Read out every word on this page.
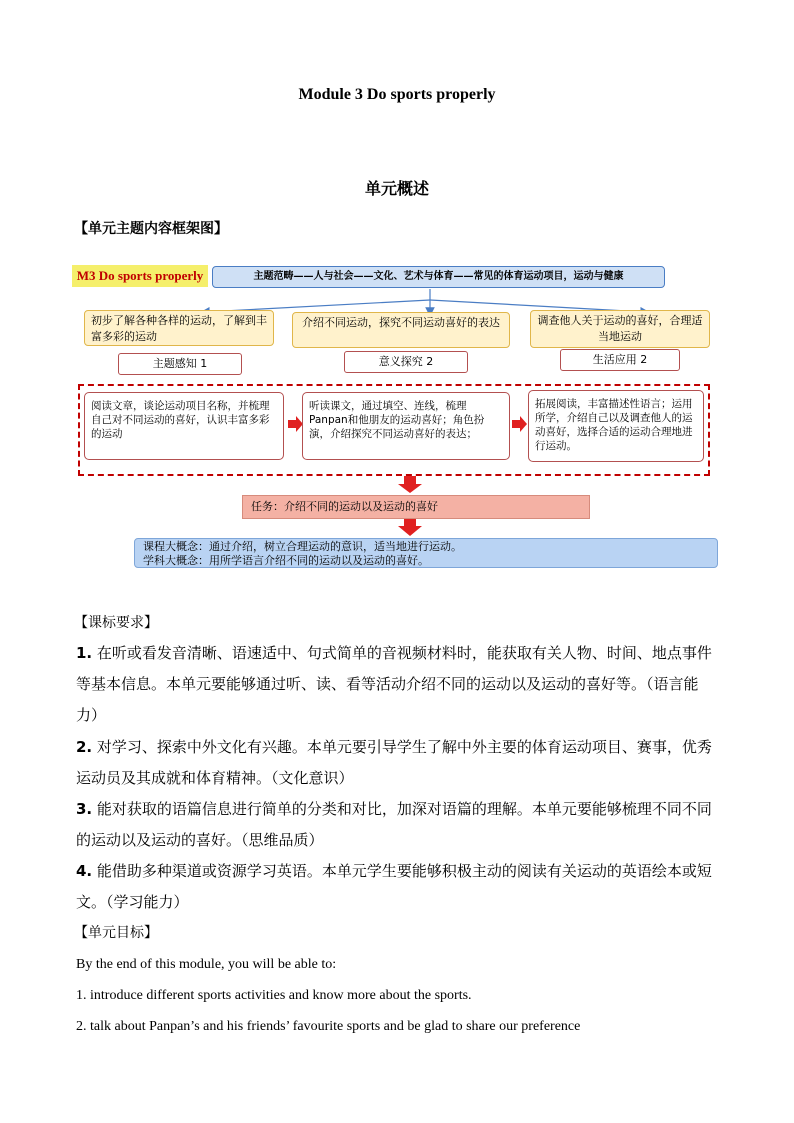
Module 3 Do sports properly
单元概述
【单元主题内容框架图】
M3 Do sports properly	主题范畴——人与社会——文化、艺术与体育——常见的体育运动项目，运动与健康
初步了解各种各样的运动，了解到丰富多彩的运动
介绍不同运动，探究不同运动喜好的表达	调查他人关于运动的喜好，合理适当地运动
主题感知 1	意义探究 2	生活应用 2
阅读文章，谈论运动项目名称，并梳理自己对不同运动的喜好，认识丰富多彩的运动
听读课文，通过填空、连线，梳理Panpan和他朋友的运动喜好；角色扮演，介绍探究不同运动喜好的表达；
拓展阅读，丰富描述性语言；运用所学，介绍自己以及调查他人的运动喜好，选择合适的运动合理地进行运动。
任务：介绍不同的运动以及运动的喜好
课程大概念：通过介绍，树立合理运动的意识，适当地进行运动。
学科大概念：用所学语言介绍不同的运动以及运动的喜好。
【课标要求】
1. 在听或看发音清晰、语速适中、句式简单的音视频材料时，能获取有关人物、时间、地点事件等基本信息。本单元要能够通过听、读、看等活动介绍不同的运动以及运动的喜好等。（语言能力）
2. 对学习、探索中外文化有兴趣。本单元要引导学生了解中外主要的体育运动项目、赛事，优秀运动员及其成就和体育精神。（文化意识）
3. 能对获取的语篇信息进行简单的分类和对比，加深对语篇的理解。本单元要能够梳理不同不同的运动以及运动的喜好。（思维品质）
4. 能借助多种渠道或资源学习英语。本单元学生要能够积极主动的阅读有关运动的英语绘本或短文。（学习能力）
【单元目标】
By the end of this module, you will be able to:
1. introduce different sports activities and know more about the sports.
2. talk about Panpan’s and his friends’ favourite sports and be glad to share our preference
